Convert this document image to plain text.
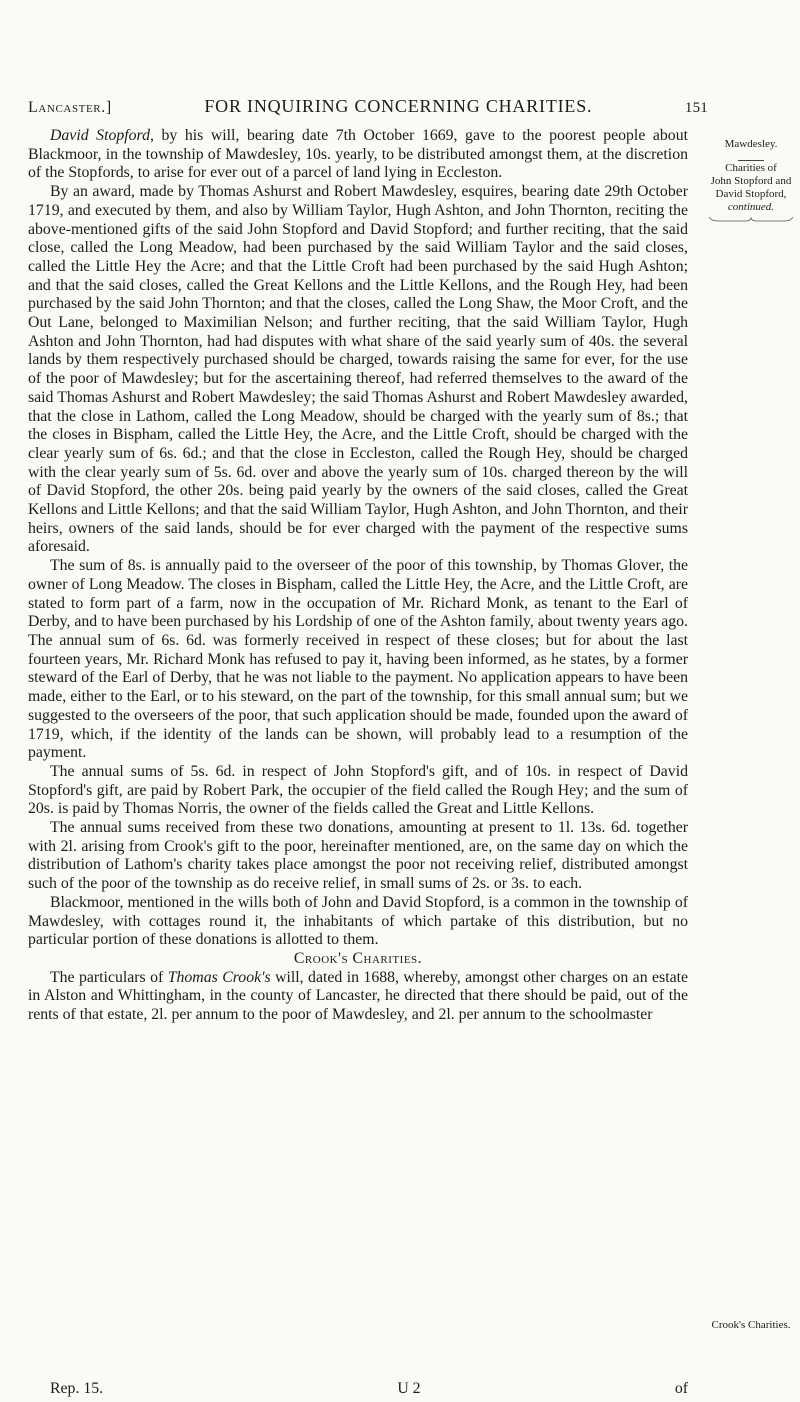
Lancaster.]	FOR INQUIRING CONCERNING CHARITIES.	151
Mawdesley.
Charities of
John Stopford and
David Stopford,
continued.
Crook's Charities.

David Stopford, by his will, bearing date 7th October 1669, gave to the poorest people about Blackmoor, in the township of Mawdesley, 10s. yearly, to be distributed amongst them, at the discretion of the Stopfords, to arise for ever out of a parcel of land lying in Eccleston.

By an award, made by Thomas Ashurst and Robert Mawdesley, esquires, bearing date 29th October 1719, and executed by them, and also by William Taylor, Hugh Ashton, and John Thornton, reciting the above-mentioned gifts of the said John Stopford and David Stopford; and further reciting, that the said close, called the Long Meadow, had been purchased by the said William Taylor and the said closes, called the Little Hey the Acre; and that the Little Croft had been purchased by the said Hugh Ashton; and that the said closes, called the Great Kellons and the Little Kellons, and the Rough Hey, had been purchased by the said John Thornton; and that the closes, called the Long Shaw, the Moor Croft, and the Out Lane, belonged to Maximilian Nelson; and further reciting, that the said William Taylor, Hugh Ashton and John Thornton, had had disputes with what share of the said yearly sum of 40s. the several lands by them respectively purchased should be charged, towards raising the same for ever, for the use of the poor of Mawdesley; but for the ascertaining thereof, had referred themselves to the award of the said Thomas Ashurst and Robert Mawdesley; the said Thomas Ashurst and Robert Mawdesley awarded, that the close in Lathom, called the Long Meadow, should be charged with the yearly sum of 8s.; that the closes in Bispham, called the Little Hey, the Acre, and the Little Croft, should be charged with the clear yearly sum of 6s. 6d.; and that the close in Eccleston, called the Rough Hey, should be charged with the clear yearly sum of 5s. 6d. over and above the yearly sum of 10s. charged thereon by the will of David Stopford, the other 20s. being paid yearly by the owners of the said closes, called the Great Kellons and Little Kellons; and that the said William Taylor, Hugh Ashton, and John Thornton, and their heirs, owners of the said lands, should be for ever charged with the payment of the respective sums aforesaid.

The sum of 8s. is annually paid to the overseer of the poor of this township, by Thomas Glover, the owner of Long Meadow. The closes in Bispham, called the Little Hey, the Acre, and the Little Croft, are stated to form part of a farm, now in the occupation of Mr. Richard Monk, as tenant to the Earl of Derby, and to have been purchased by his Lordship of one of the Ashton family, about twenty years ago. The annual sum of 6s. 6d. was formerly received in respect of these closes; but for about the last fourteen years, Mr. Richard Monk has refused to pay it, having been informed, as he states, by a former steward of the Earl of Derby, that he was not liable to the payment. No application appears to have been made, either to the Earl, or to his steward, on the part of the township, for this small annual sum; but we suggested to the overseers of the poor, that such application should be made, founded upon the award of 1719, which, if the identity of the lands can be shown, will probably lead to a resumption of the payment.

The annual sums of 5s. 6d. in respect of John Stopford's gift, and of 10s. in respect of David Stopford's gift, are paid by Robert Park, the occupier of the field called the Rough Hey; and the sum of 20s. is paid by Thomas Norris, the owner of the fields called the Great and Little Kellons.

The annual sums received from these two donations, amounting at present to 1l. 13s. 6d. together with 2l. arising from Crook's gift to the poor, hereinafter mentioned, are, on the same day on which the distribution of Lathom's charity takes place amongst the poor not receiving relief, distributed amongst such of the poor of the township as do receive relief, in small sums of 2s. or 3s. to each.

Blackmoor, mentioned in the wills both of John and David Stopford, is a common in the township of Mawdesley, with cottages round it, the inhabitants of which partake of this distribution, but no particular portion of these donations is allotted to them.

Crook's Charities.

The particulars of Thomas Crook's will, dated in 1688, whereby, amongst other charges on an estate in Alston and Whittingham, in the county of Lancaster, he directed that there should be paid, out of the rents of that estate, 2l. per annum to the poor of Mawdesley, and 2l. per annum to the schoolmaster

Rep. 15.	U 2	of
